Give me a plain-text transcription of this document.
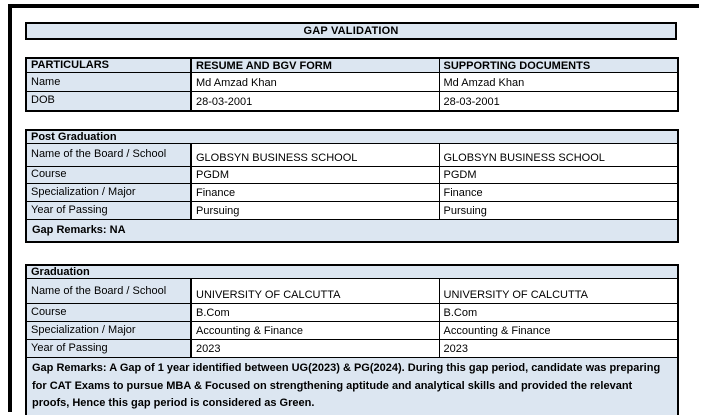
GAP VALIDATION
PARTICULARS	RESUME AND BGV FORM	SUPPORTING DOCUMENTS
Name	Md Amzad Khan	Md Amzad Khan
DOB	28-03-2001	28-03-2001
Post Graduation		
Name of the Board / School	GLOBSYN BUSINESS SCHOOL	GLOBSYN BUSINESS SCHOOL
Course	PGDM	PGDM
Specialization / Major	Finance	Finance
Year of Passing	Pursuing	Pursuing
Gap Remarks: NA		
Graduation		
Name of the Board / School	UNIVERSITY OF CALCUTTA	UNIVERSITY OF CALCUTTA
Course	B.Com	B.Com
Specialization / Major	Accounting & Finance	Accounting & Finance
Year of Passing	2023	2023
Gap Remarks: A Gap of 1 year identified between UG(2023) & PG(2024). During this gap period, candidate was preparing for CAT Exams to pursue MBA & Focused on strengthening aptitude and analytical skills and provided the relevant proofs, Hence this gap period is considered as Green.		
